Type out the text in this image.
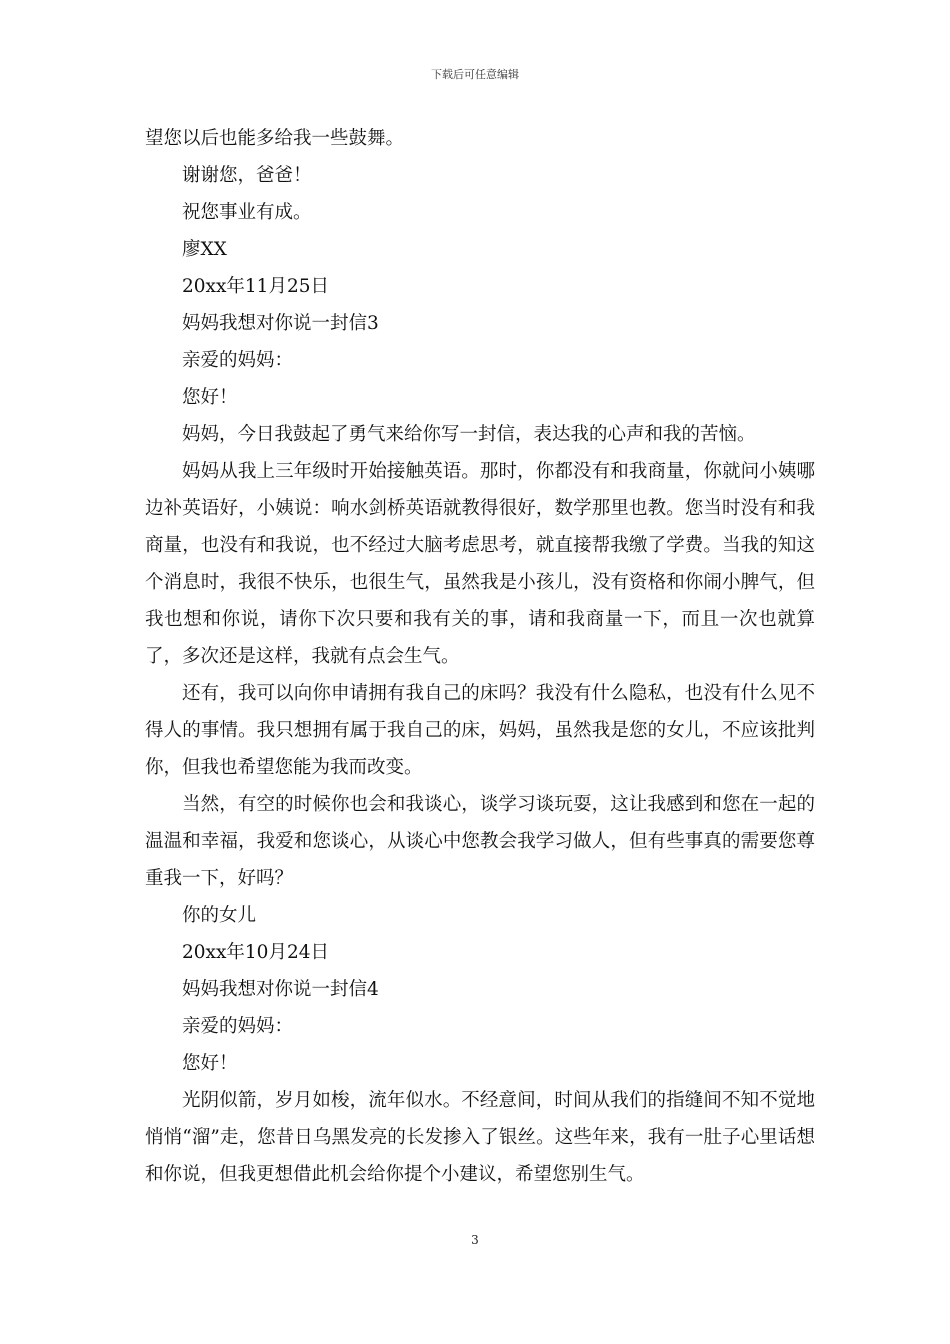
下载后可任意编辑

望您以后也能多给我一些鼓舞。

谢谢您，爸爸！

祝您事业有成。

廖XX

20xx年11月25日

妈妈我想对你说一封信3

亲爱的妈妈：

您好！

妈妈，今日我鼓起了勇气来给你写一封信，表达我的心声和我的苦恼。

妈妈从我上三年级时开始接触英语。那时，你都没有和我商量，你就问小姨哪边补英语好，小姨说：响水剑桥英语就教得很好，数学那里也教。您当时没有和我商量，也没有和我说，也不经过大脑考虑思考，就直接帮我缴了学费。当我的知这个消息时，我很不快乐，也很生气，虽然我是小孩儿，没有资格和你闹小脾气，但我也想和你说，请你下次只要和我有关的事，请和我商量一下，而且一次也就算了，多次还是这样，我就有点会生气。

还有，我可以向你申请拥有我自己的床吗？我没有什么隐私，也没有什么见不得人的事情。我只想拥有属于我自己的床，妈妈，虽然我是您的女儿，不应该批判你，但我也希望您能为我而改变。

当然，有空的时候你也会和我谈心，谈学习谈玩耍，这让我感到和您在一起的温温和幸福，我爱和您谈心，从谈心中您教会我学习做人，但有些事真的需要您尊重我一下，好吗？

你的女儿

20xx年10月24日

妈妈我想对你说一封信4

亲爱的妈妈：

您好！

光阴似箭，岁月如梭，流年似水。不经意间，时间从我们的指缝间不知不觉地悄悄“溜”走，您昔日乌黑发亮的长发掺入了银丝。这些年来，我有一肚子心里话想和你说，但我更想借此机会给你提个小建议，希望您别生气。

3
